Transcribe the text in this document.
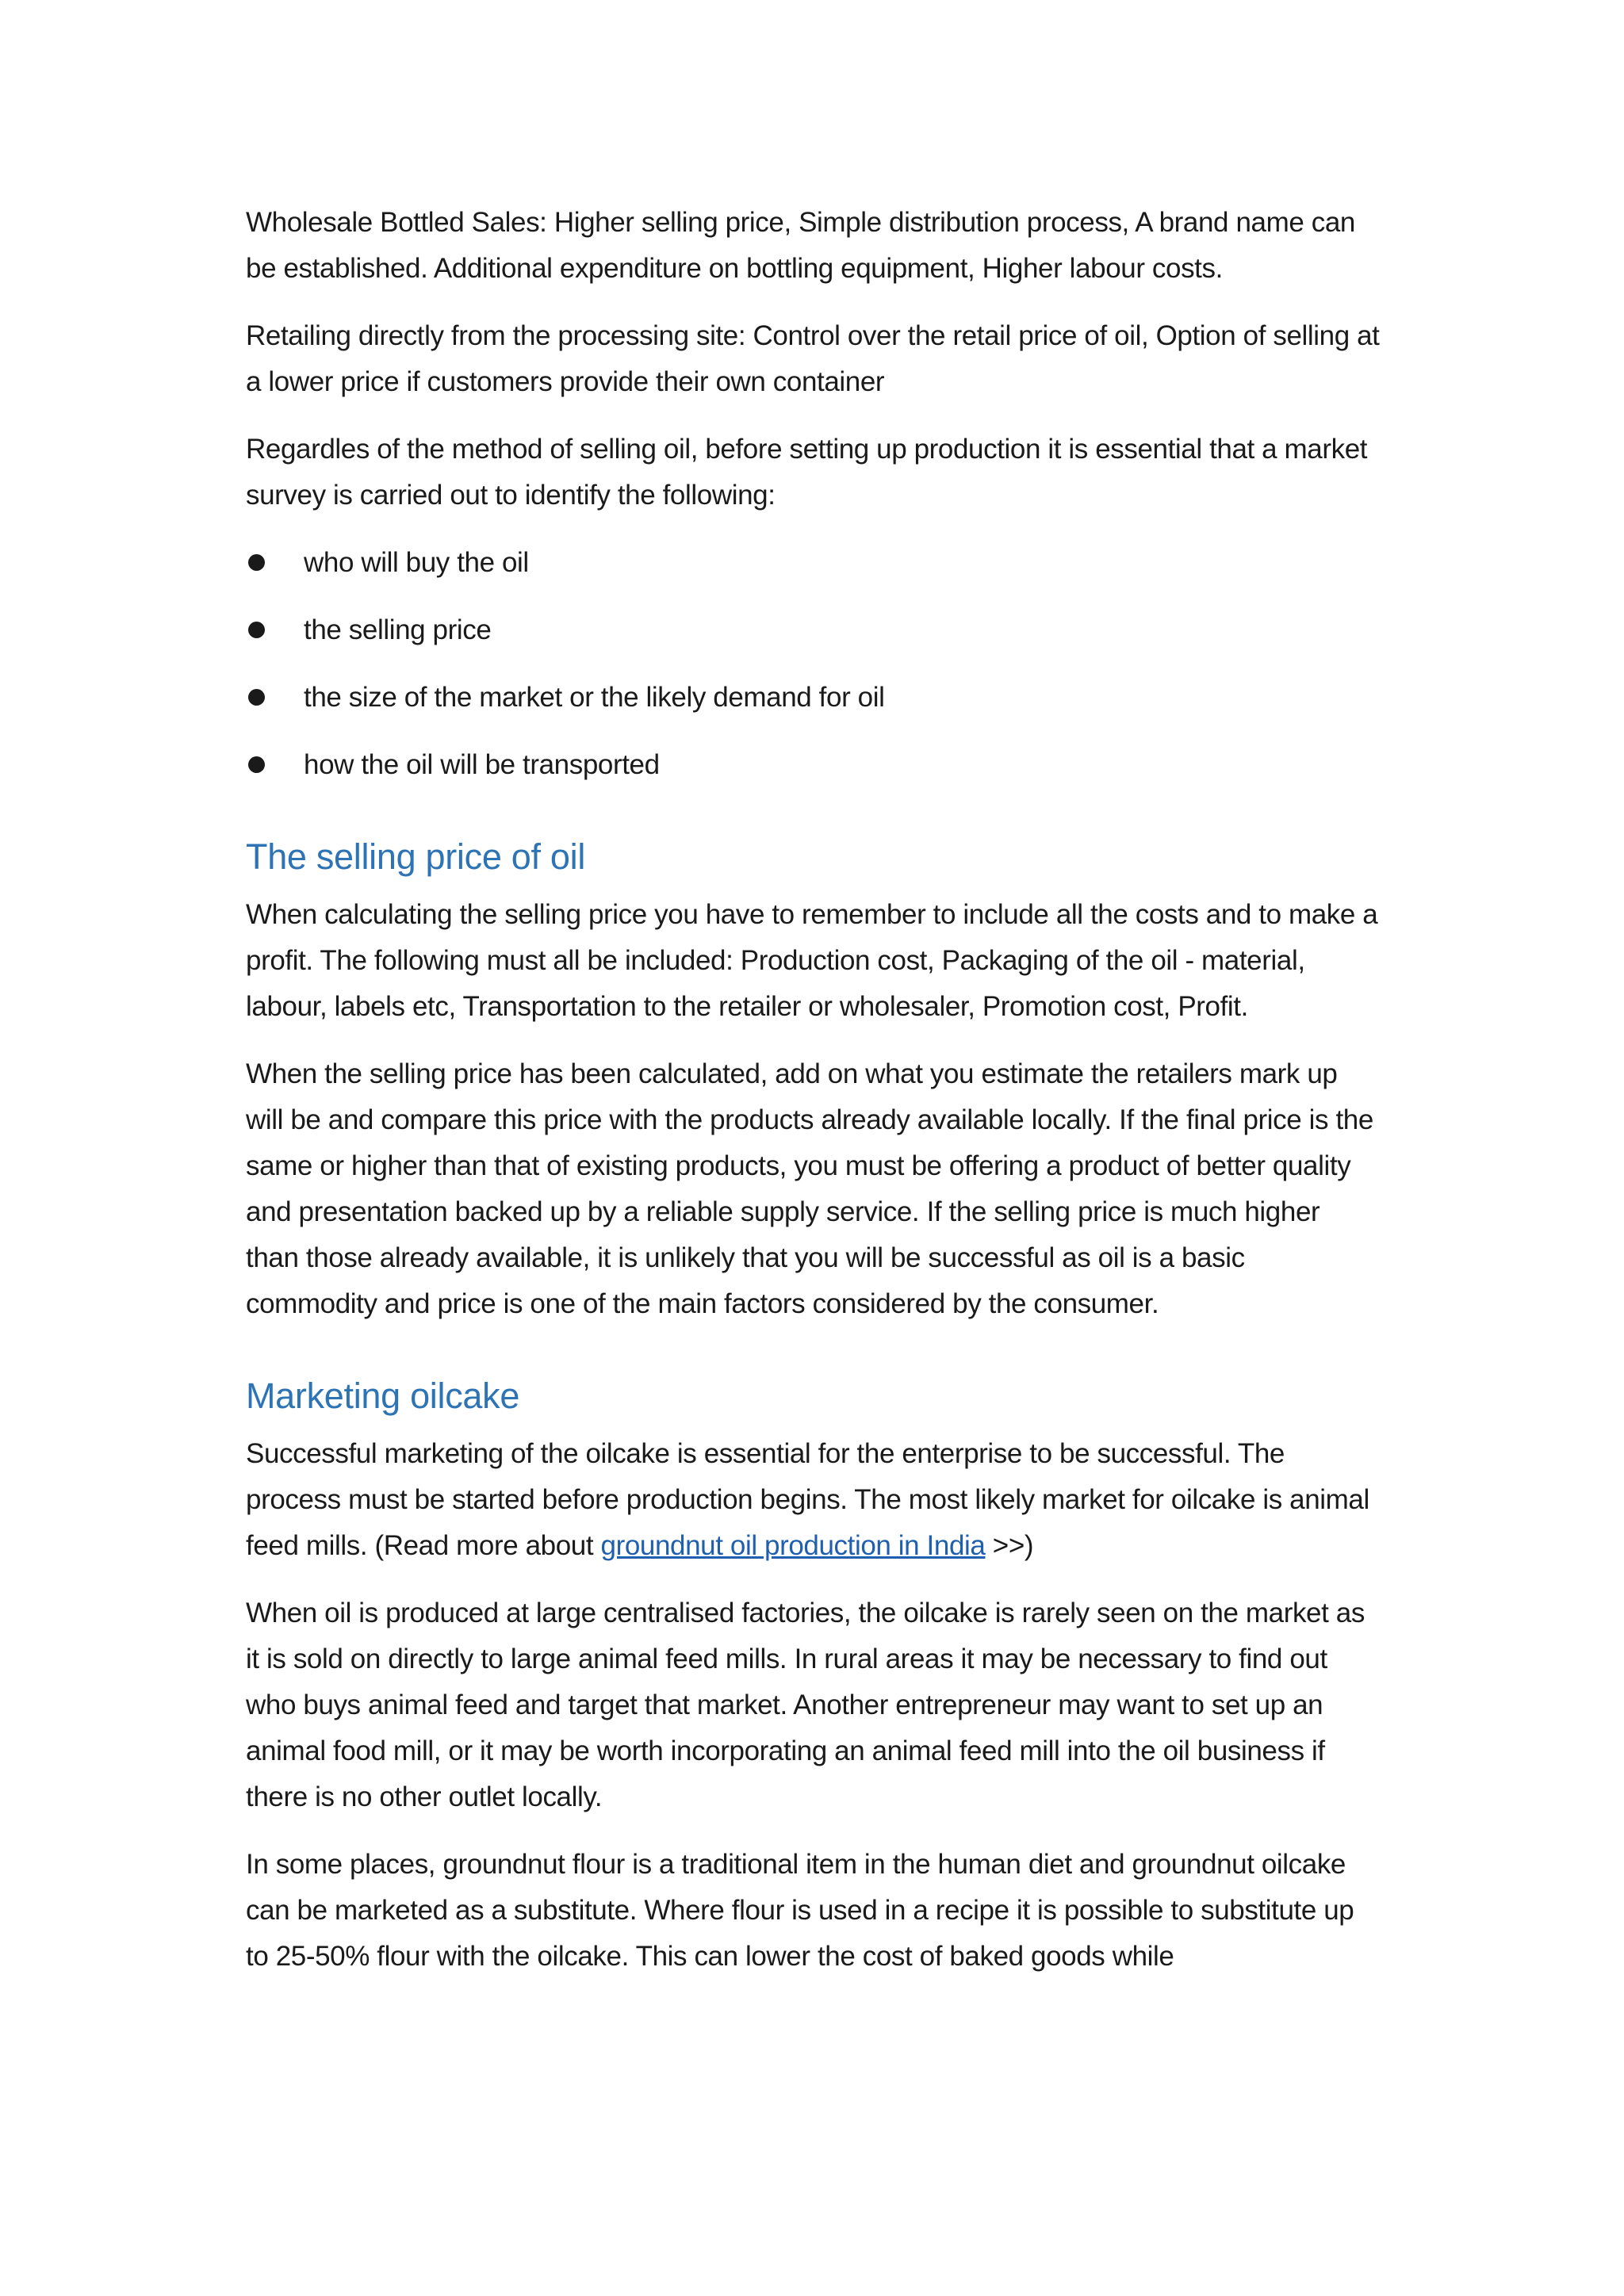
Wholesale Bottled Sales: Higher selling price, Simple distribution process, A brand name can be established. Additional expenditure on bottling equipment, Higher labour costs.

Retailing directly from the processing site: Control over the retail price of oil, Option of selling at a lower price if customers provide their own container

Regardles of the method of selling oil, before setting up production it is essential that a market survey is carried out to identify the following:

who will buy the oil
the selling price
the size of the market or the likely demand for oil
how the oil will be transported
The selling price of oil

When calculating the selling price you have to remember to include all the costs and to make a profit. The following must all be included: Production cost, Packaging of the oil - material, labour, labels etc, Transportation to the retailer or wholesaler, Promotion cost, Profit.

When the selling price has been calculated, add on what you estimate the retailers mark up will be and compare this price with the products already available locally. If the final price is the same or higher than that of existing products, you must be offering a product of better quality and presentation backed up by a reliable supply service. If the selling price is much higher than those already available, it is unlikely that you will be successful as oil is a basic commodity and price is one of the main factors considered by the consumer.

Marketing oilcake

Successful marketing of the oilcake is essential for the enterprise to be successful. The process must be started before production begins. The most likely market for oilcake is animal feed mills. (Read more about groundnut oil production in India >>)

When oil is produced at large centralised factories, the oilcake is rarely seen on the market as it is sold on directly to large animal feed mills. In rural areas it may be necessary to find out who buys animal feed and target that market. Another entrepreneur may want to set up an animal food mill, or it may be worth incorporating an animal feed mill into the oil business if there is no other outlet locally.

In some places, groundnut flour is a traditional item in the human diet and groundnut oilcake can be marketed as a substitute. Where flour is used in a recipe it is possible to substitute up to 25-50% flour with the oilcake. This can lower the cost of baked goods while
